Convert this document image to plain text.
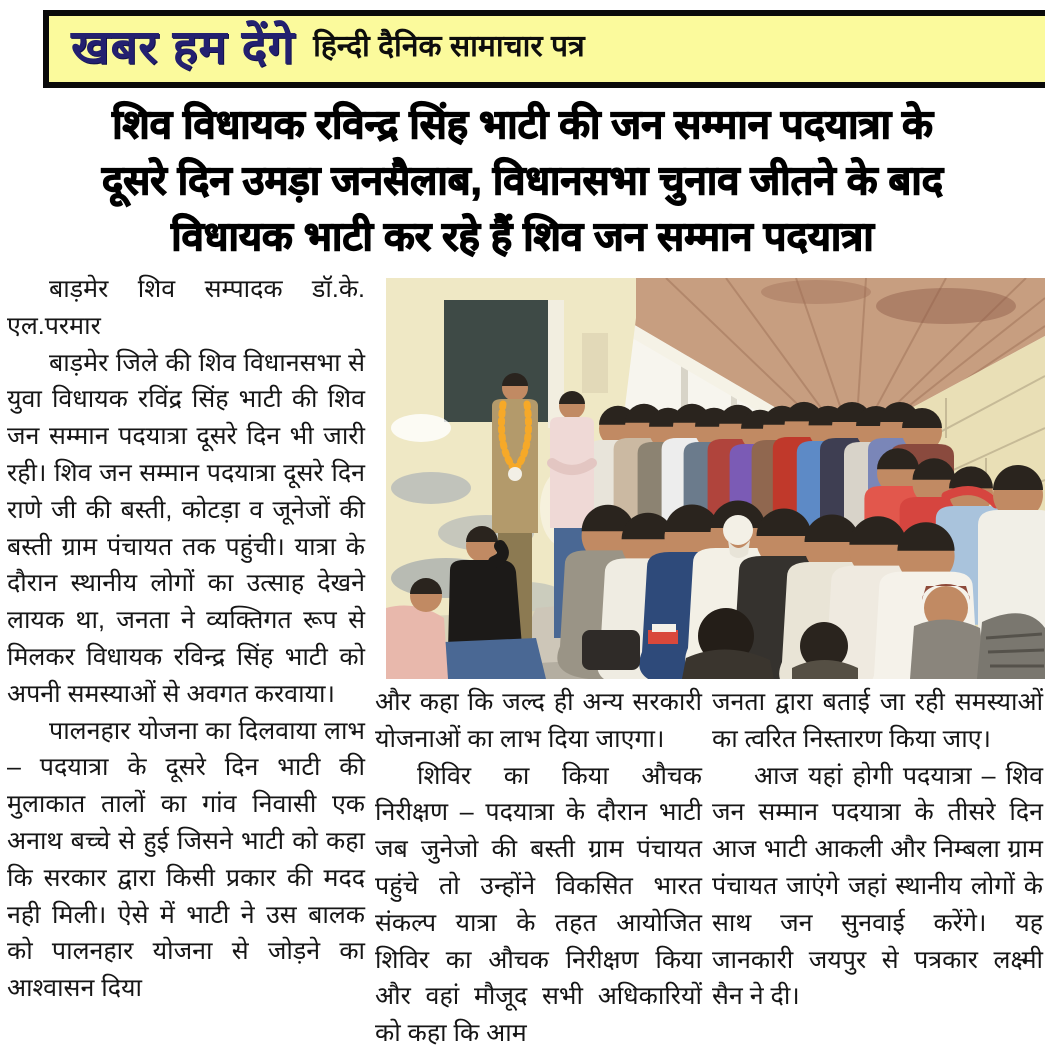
खबर हम देंगे हिन्दी दैनिक सामाचार पत्र
शिव विधायक रविन्द्र सिंह भाटी की जन सम्मान पदयात्रा के
दूसरे दिन उमड़ा जनसैलाब, विधानसभा चुनाव जीतने के बाद
विधायक भाटी कर रहे हैं शिव जन सम्मान पदयात्रा

बाड़मेर शिव सम्पादक डॉ.के. एल.परमार

बाड़मेर जिले की शिव विधानसभा से युवा विधायक रविंद्र सिंह भाटी की शिव जन सम्मान पदयात्रा दूसरे दिन भी जारी रही। शिव जन सम्मान पदयात्रा दूसरे दिन राणे जी की बस्ती, कोटड़ा व जूनेजों की बस्ती ग्राम पंचायत तक पहुंची। यात्रा के दौरान स्थानीय लोगों का उत्साह देखने लायक था, जनता ने व्यक्तिगत रूप से मिलकर विधायक रविन्द्र सिंह भाटी को अपनी समस्याओं से अवगत करवाया।

पालनहार योजना का दिलवाया लाभ – पदयात्रा के दूसरे दिन भाटी की मुलाकात तालों का गांव निवासी एक अनाथ बच्चे से हुई जिसने भाटी को कहा कि सरकार द्वारा किसी प्रकार की मदद नही मिली। ऐसे में भाटी ने उस बालक को पालनहार योजना से जोड़ने का आश्वासन दिया

और कहा कि जल्द ही अन्य सरकारी योजनाओं का लाभ दिया जाएगा।

शिविर का किया औचक निरीक्षण – पदयात्रा के दौरान भाटी जब जुनेजो की बस्ती ग्राम पंचायत पहुंचे तो उन्होंने विकसित भारत संकल्प यात्रा के तहत आयोजित शिविर का औचक निरीक्षण किया और वहां मौजूद सभी अधिकारियों को कहा कि आम

जनता द्वारा बताई जा रही समस्याओं का त्वरित निस्तारण किया जाए।

आज यहां होगी पदयात्रा – शिव जन सम्मान पदयात्रा के तीसरे दिन आज भाटी आकली और निम्बला ग्राम पंचायत जाएंगे जहां स्थानीय लोगों के साथ जन सुनवाई करेंगे। यह जानकारी जयपुर से पत्रकार लक्ष्मी सैन ने दी।
